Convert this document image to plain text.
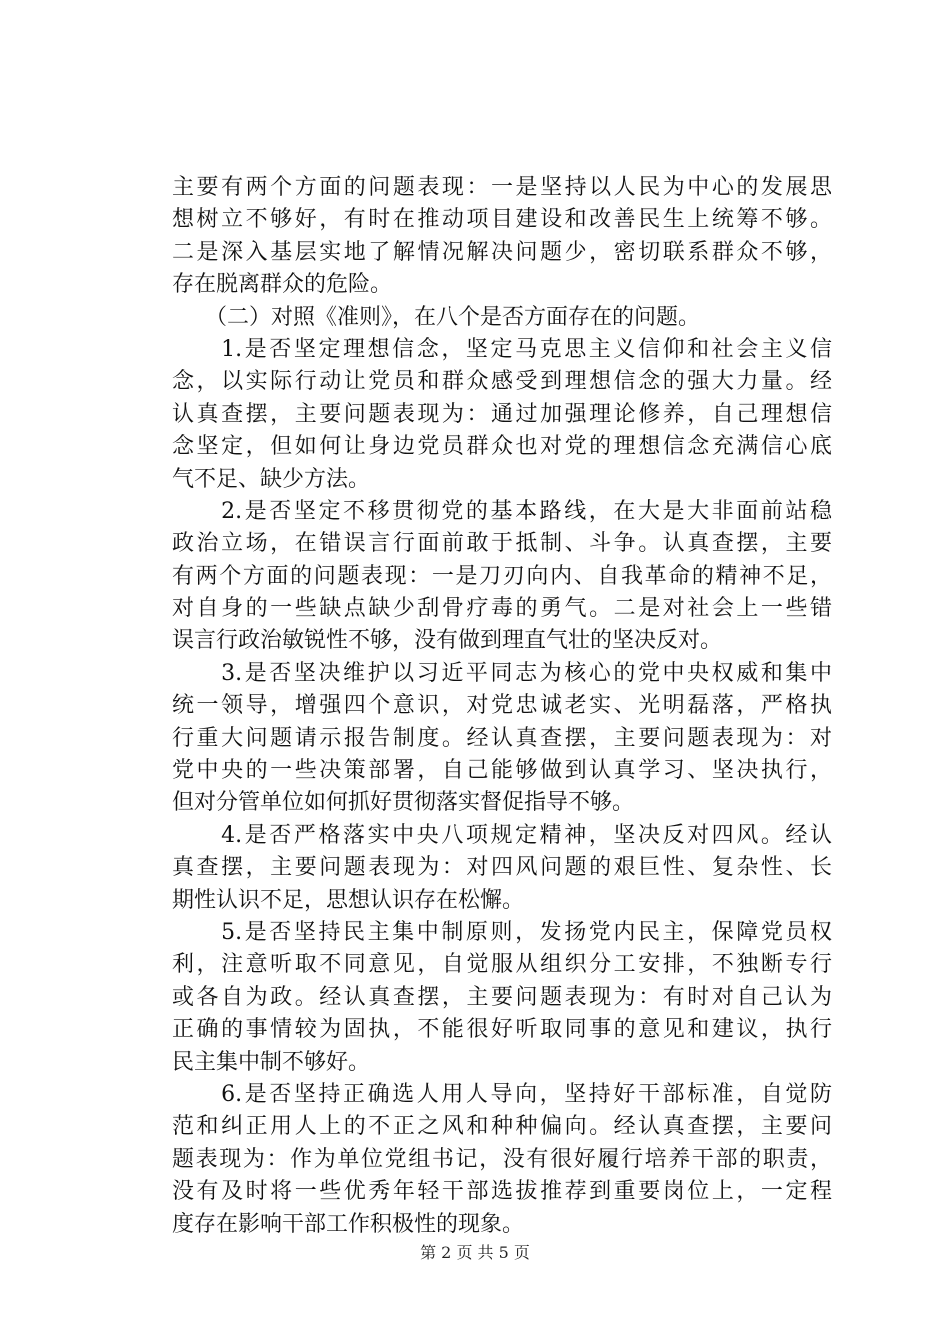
主要有两个方面的问题表现：一是坚持以人民为中心的发展思
想树立不够好，有时在推动项目建设和改善民生上统筹不够。
二是深入基层实地了解情况解决问题少，密切联系群众不够，
存在脱离群众的危险。
　　（二）对照《准则》，在八个是否方面存在的问题。
　　1.是否坚定理想信念，坚定马克思主义信仰和社会主义信
念，以实际行动让党员和群众感受到理想信念的强大力量。经
认真查摆，主要问题表现为：通过加强理论修养，自己理想信
念坚定，但如何让身边党员群众也对党的理想信念充满信心底
气不足、缺少方法。
　　2.是否坚定不移贯彻党的基本路线，在大是大非面前站稳
政治立场，在错误言行面前敢于抵制、斗争。认真查摆，主要
有两个方面的问题表现：一是刀刃向内、自我革命的精神不足，
对自身的一些缺点缺少刮骨疗毒的勇气。二是对社会上一些错
误言行政治敏锐性不够，没有做到理直气壮的坚决反对。
　　3.是否坚决维护以习近平同志为核心的党中央权威和集中
统一领导，增强四个意识，对党忠诚老实、光明磊落，严格执
行重大问题请示报告制度。经认真查摆，主要问题表现为：对
党中央的一些决策部署，自己能够做到认真学习、坚决执行，
但对分管单位如何抓好贯彻落实督促指导不够。
　　4.是否严格落实中央八项规定精神，坚决反对四风。经认
真查摆，主要问题表现为：对四风问题的艰巨性、复杂性、长
期性认识不足，思想认识存在松懈。
　　5.是否坚持民主集中制原则，发扬党内民主，保障党员权
利，注意听取不同意见，自觉服从组织分工安排，不独断专行
或各自为政。经认真查摆，主要问题表现为：有时对自己认为
正确的事情较为固执，不能很好听取同事的意见和建议，执行
民主集中制不够好。
　　6.是否坚持正确选人用人导向，坚持好干部标准，自觉防
范和纠正用人上的不正之风和种种偏向。经认真查摆，主要问
题表现为：作为单位党组书记，没有很好履行培养干部的职责，
没有及时将一些优秀年轻干部选拔推荐到重要岗位上，一定程
度存在影响干部工作积极性的现象。
第 2 页 共 5 页
